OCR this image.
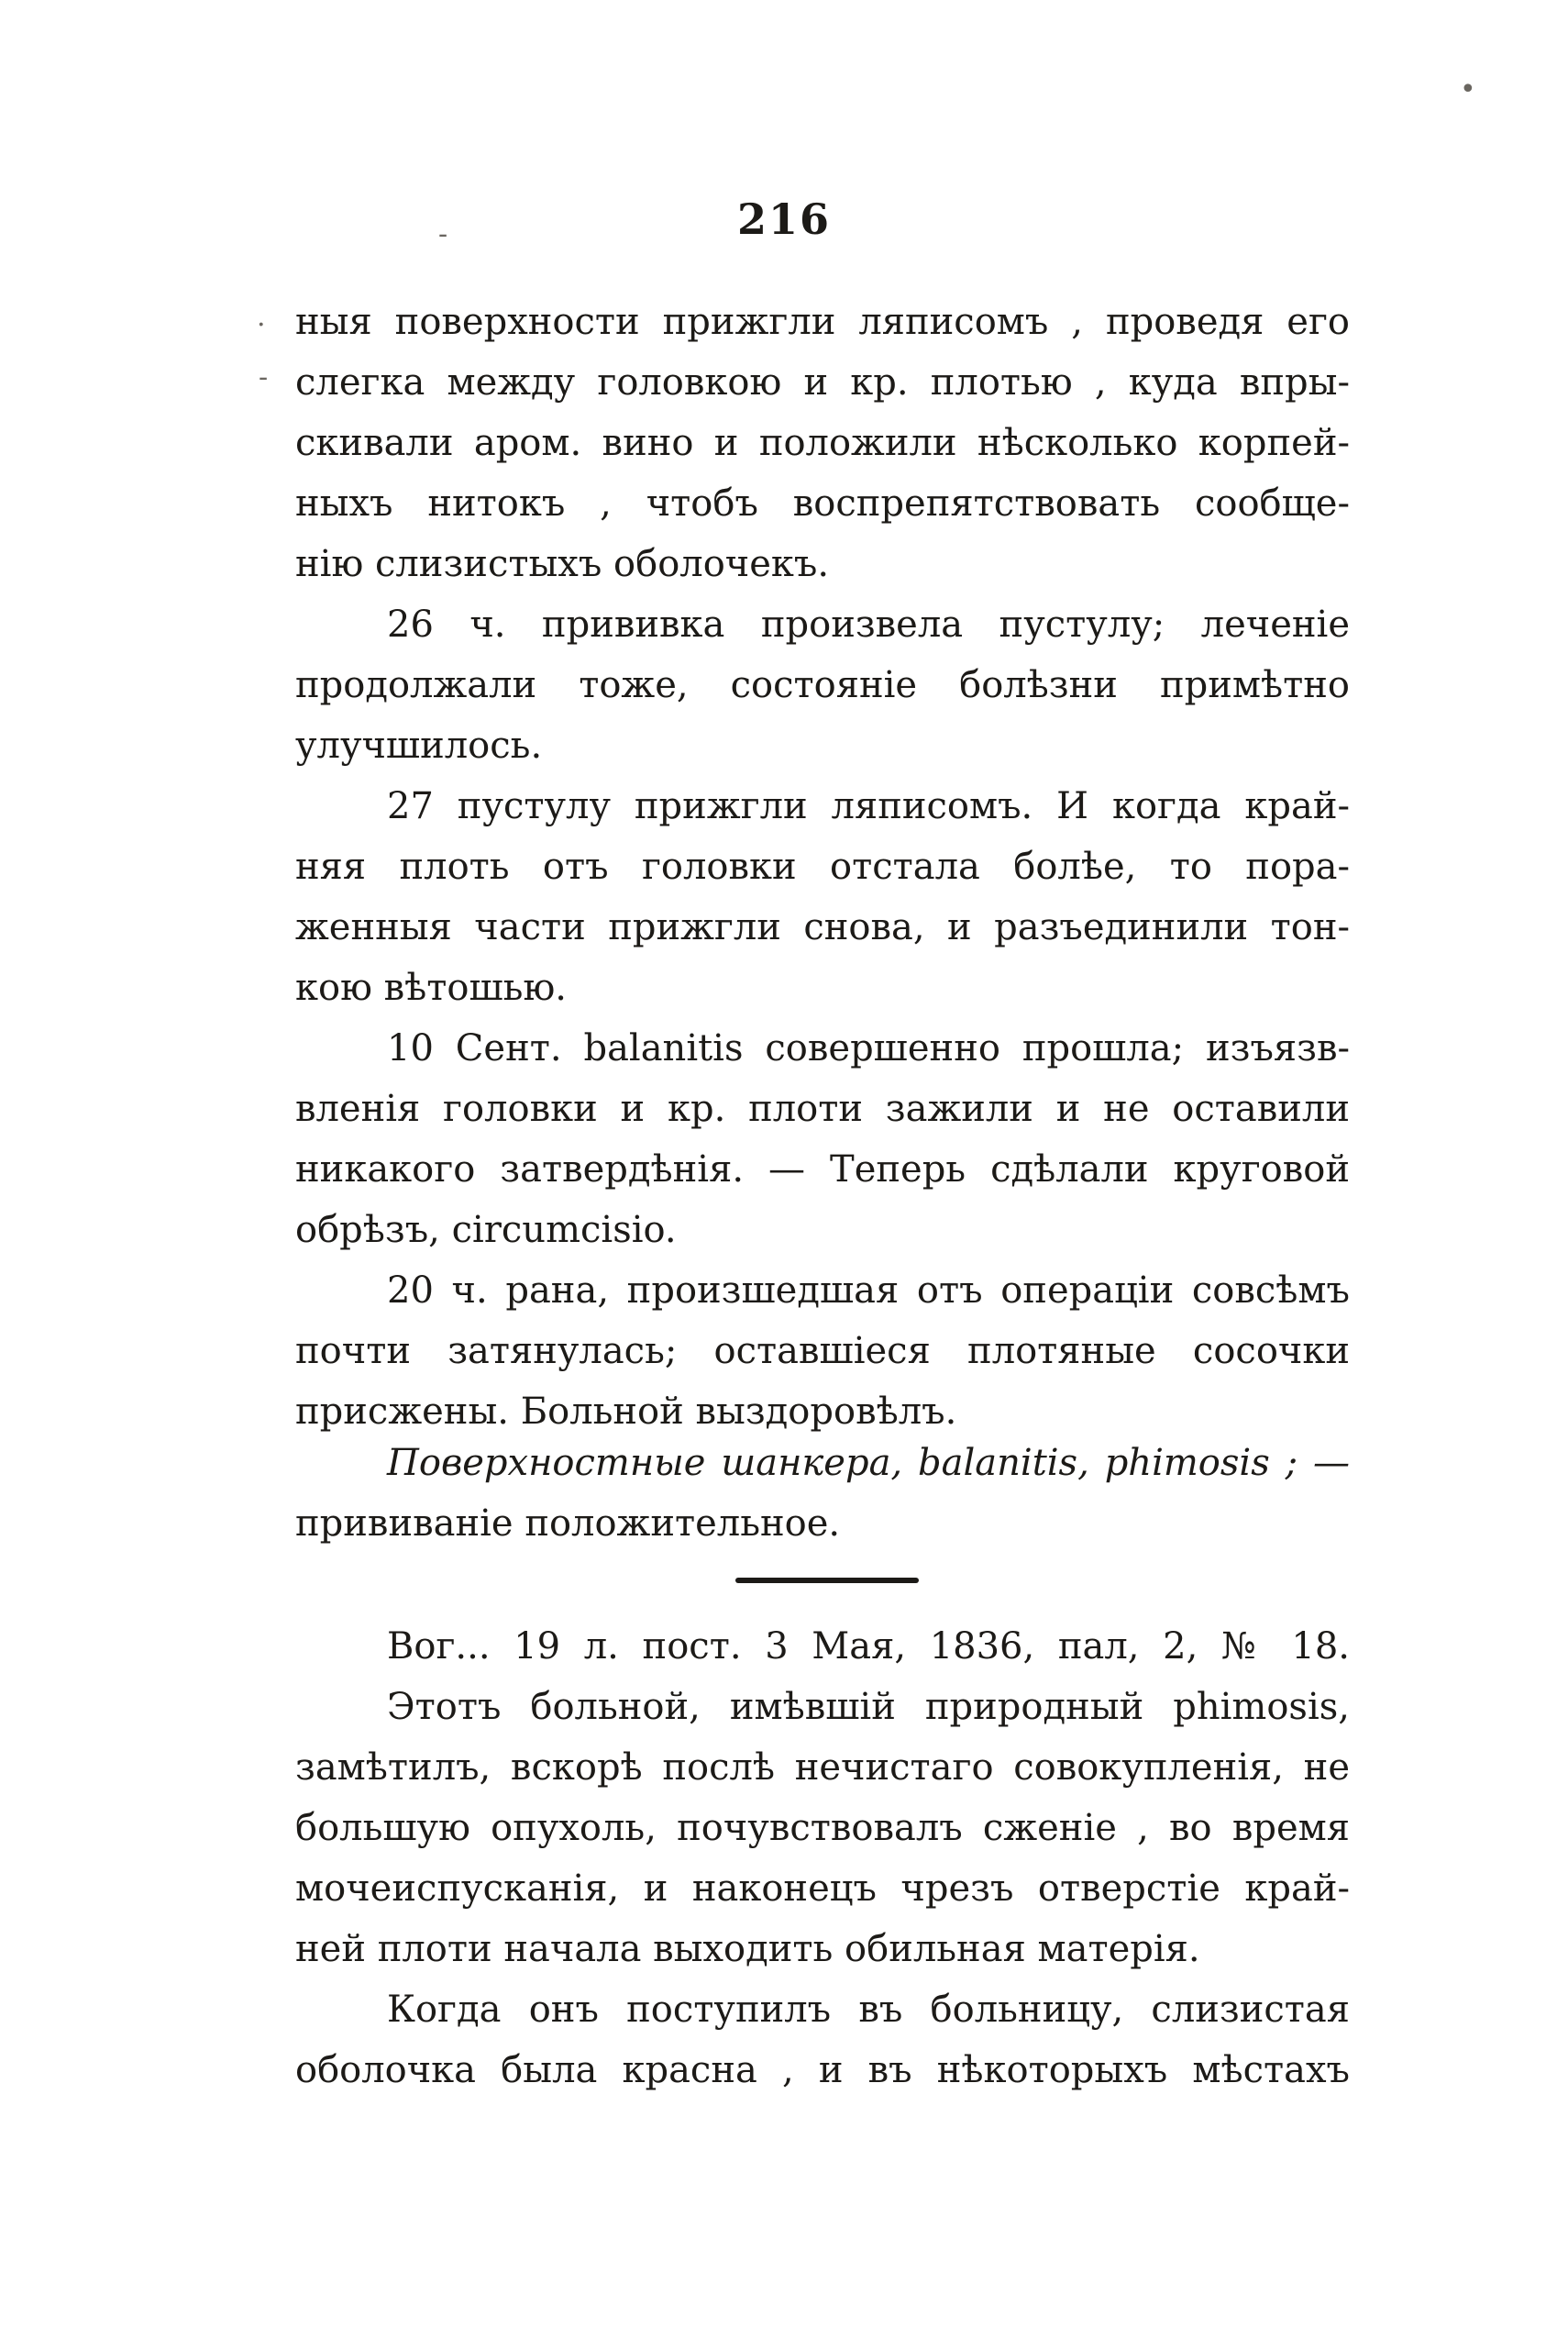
-
.
-
•
216
ныя поверхности прижгли ляписомъ , проведя его
слегка между головкою и кр. плотью , куда впры-
скивали аром. вино и положили нѣсколько корпей-
ныхъ нитокъ , чтобъ воспрепятствовать сообще-
нію слизистыхъ оболочекъ.
26 ч. прививка произвела пустулу; леченіе
продолжали тоже, состояніе болѣзни примѣтно
улучшилось.
27 пустулу прижгли ляписомъ. И когда край-
няя плоть отъ головки отстала болѣе, то пора-
женныя части прижгли снова, и разъединили тон-
кою вѣтошью.
10 Сент. balanitis совершенно прошла; изъязв-
вленія головки и кр. плоти зажили и не оставили
никакого затвердѣнія. — Теперь сдѣлали круговой
обрѣзъ, circumcisio.
20 ч. рана, произшедшая отъ операціи совсѣмъ
почти затянулась; оставшіеся плотяные сосочки
присжены. Больной выздоровѣлъ.
Поверхностные шанкера, balanitis, phimosis ; —
прививаніе положительное.
Вог... 19 л. пост. 3 Мая, 1836, пал, 2, № 18.
Этотъ больной, имѣвшій природный phimosis,
замѣтилъ, вскорѣ послѣ нечистаго совокупленія, не
большую опухоль, почувствовалъ сженіе , во время
мочеиспусканія, и наконецъ чрезъ отверстіе край-
ней плоти начала выходить обильная матерія.
Когда онъ поступилъ въ больницу, слизистая
оболочка была красна , и въ нѣкоторыхъ мѣстахъ
